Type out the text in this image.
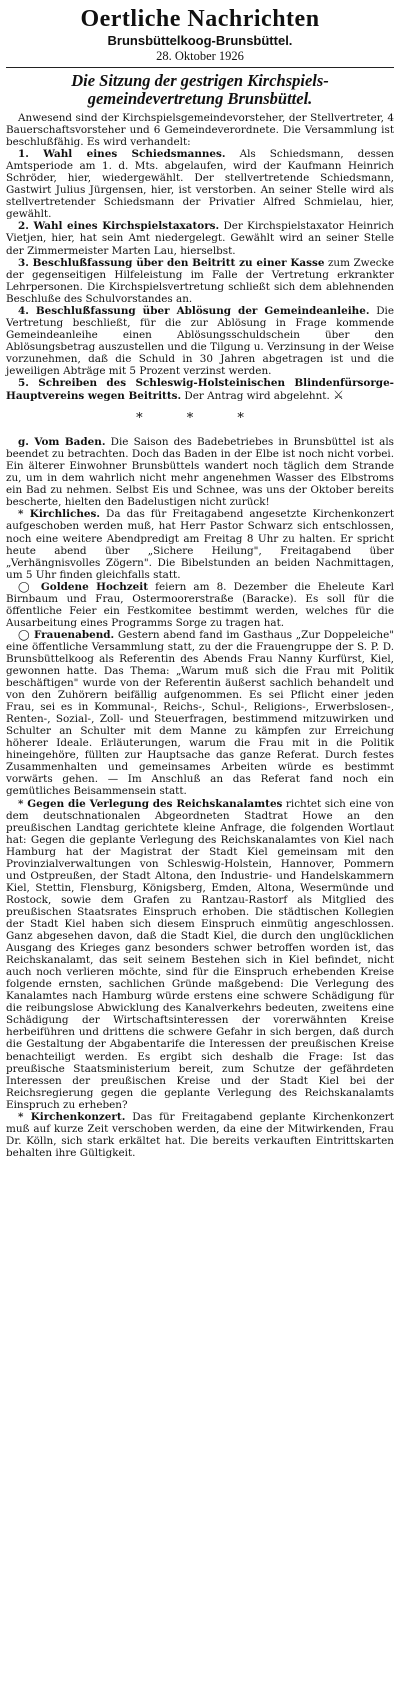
Oertliche Nachrichten
Brunsbüttelkoog-Brunsbüttel.
28. Oktober 1926
Die Sitzung der gestrigen Kirchspiels-gemeindevertretung Brunsbüttel.

Anwesend sind der Kirchspielsgemeindevorsteher, der Stellvertreter, 4 Bauerschaftsvorsteher und 6 Gemeindeverordnete. Die Versammlung ist beschlußfähig. Es wird verhandelt:

1. Wahl eines Schiedsmannes. Als Schiedsmann, dessen Amtsperiode am 1. d. Mts. abgelaufen, wird der Kaufmann Heinrich Schröder, hier, wiedergewählt. Der stellvertretende Schiedsmann, Gastwirt Julius Jürgensen, hier, ist verstorben. An seiner Stelle wird als stellvertretender Schiedsmann der Privatier Alfred Schmielau, hier, gewählt.

2. Wahl eines Kirchspielstaxators. Der Kirchspielstaxator Heinrich Vietjen, hier, hat sein Amt niedergelegt. Gewählt wird an seiner Stelle der Zimmermeister Marten Lau, hierselbst.

3. Beschlußfassung über den Beitritt zu einer Kasse zum Zwecke der gegenseitigen Hilfeleistung im Falle der Vertretung erkrankter Lehrpersonen. Die Kirchspielsvertretung schließt sich dem ablehnenden Beschluße des Schulvorstandes an.

4. Beschlußfassung über Ablösung der Gemeindeanleihe. Die Vertretung beschließt, für die zur Ablösung in Frage kommende Gemeindeanleihe einen Ablösungsschuldschein über den Ablösungsbetrag auszustellen und die Tilgung u. Verzinsung in der Weise vorzunehmen, daß die Schuld in 30 Jahren abgetragen ist und die jeweiligen Abträge mit 5 Prozent verzinst werden.

5. Schreiben des Schleswig-Holsteinischen Blindenfürsorge-Hauptvereins wegen Beitritts. Der Antrag wird abgelehnt. ⚔

* * *

g. Vom Baden. Die Saison des Badebetriebes in Brunsbüttel ist als beendet zu betrachten. Doch das Baden in der Elbe ist noch nicht vorbei. Ein älterer Einwohner Brunsbüttels wandert noch täglich dem Strande zu, um in dem wahrlich nicht mehr angenehmen Wasser des Elbstroms ein Bad zu nehmen. Selbst Eis und Schnee, was uns der Oktober bereits bescherte, hielten den Badelustigen nicht zurück!

* Kirchliches. Da das für Freitagabend angesetzte Kirchenkonzert aufgeschoben werden muß, hat Herr Pastor Schwarz sich entschlossen, noch eine weitere Abendpredigt am Freitag 8 Uhr zu halten. Er spricht heute abend über „Sichere Heilung", Freitagabend über „Verhängnisvolles Zögern". Die Bibelstunden an beiden Nachmittagen, um 5 Uhr finden gleichfalls statt.

◯ Goldene Hochzeit feiern am 8. Dezember die Eheleute Karl Birnbaum und Frau, Ostermoorerstraße (Baracke). Es soll für die öffentliche Feier ein Festkomitee bestimmt werden, welches für die Ausarbeitung eines Programms Sorge zu tragen hat.

◯ Frauenabend. Gestern abend fand im Gasthaus „Zur Doppeleiche" eine öffentliche Versammlung statt, zu der die Frauengruppe der S. P. D. Brunsbüttelkoog als Referentin des Abends Frau Nanny Kurfürst, Kiel, gewonnen hatte. Das Thema: „Warum muß sich die Frau mit Politik beschäftigen" wurde von der Referentin äußerst sachlich behandelt und von den Zuhörern beifällig aufgenommen. Es sei Pflicht einer jeden Frau, sei es in Kommunal-, Reichs-, Schul-, Religions-, Erwerbslosen-, Renten-, Sozial-, Zoll- und Steuerfragen, bestimmend mitzuwirken und Schulter an Schulter mit dem Manne zu kämpfen zur Erreichung höherer Ideale. Erläuterungen, warum die Frau mit in die Politik hineingehöre, füllten zur Hauptsache das ganze Referat. Durch festes Zusammenhalten und gemeinsames Arbeiten würde es bestimmt vorwärts gehen. — Im Anschluß an das Referat fand noch ein gemütliches Beisammensein statt.

* Gegen die Verlegung des Reichskanalamtes richtet sich eine von dem deutschnationalen Abgeordneten Stadtrat Howe an den preußischen Landtag gerichtete kleine Anfrage, die folgenden Wortlaut hat: Gegen die geplante Verlegung des Reichskanalamtes von Kiel nach Hamburg hat der Magistrat der Stadt Kiel gemeinsam mit den Provinzialverwaltungen von Schleswig-Holstein, Hannover, Pommern und Ostpreußen, der Stadt Altona, den Industrie- und Handelskammern Kiel, Stettin, Flensburg, Königsberg, Emden, Altona, Wesermünde und Rostock, sowie dem Grafen zu Rantzau-Rastorf als Mitglied des preußischen Staatsrates Einspruch erhoben. Die städtischen Kollegien der Stadt Kiel haben sich diesem Einspruch einmütig angeschlossen. Ganz abgesehen davon, daß die Stadt Kiel, die durch den unglücklichen Ausgang des Krieges ganz besonders schwer betroffen worden ist, das Reichskanalamt, das seit seinem Bestehen sich in Kiel befindet, nicht auch noch verlieren möchte, sind für die Einspruch erhebenden Kreise folgende ernsten, sachlichen Gründe maßgebend: Die Verlegung des Kanalamtes nach Hamburg würde erstens eine schwere Schädigung für die reibungslose Abwicklung des Kanalverkehrs bedeuten, zweitens eine Schädigung der Wirtschaftsinteressen der vorerwähnten Kreise herbeiführen und drittens die schwere Gefahr in sich bergen, daß durch die Gestaltung der Abgabentarife die Interessen der preußischen Kreise benachteiligt werden. Es ergibt sich deshalb die Frage: Ist das preußische Staatsministerium bereit, zum Schutze der gefährdeten Interessen der preußischen Kreise und der Stadt Kiel bei der Reichsregierung gegen die geplante Verlegung des Reichskanalamts Einspruch zu erheben?

* Kirchenkonzert. Das für Freitagabend geplante Kirchenkonzert muß auf kurze Zeit verschoben werden, da eine der Mitwirkenden, Frau Dr. Kölln, sich stark erkältet hat. Die bereits verkauften Eintrittskarten behalten ihre Gültigkeit.
